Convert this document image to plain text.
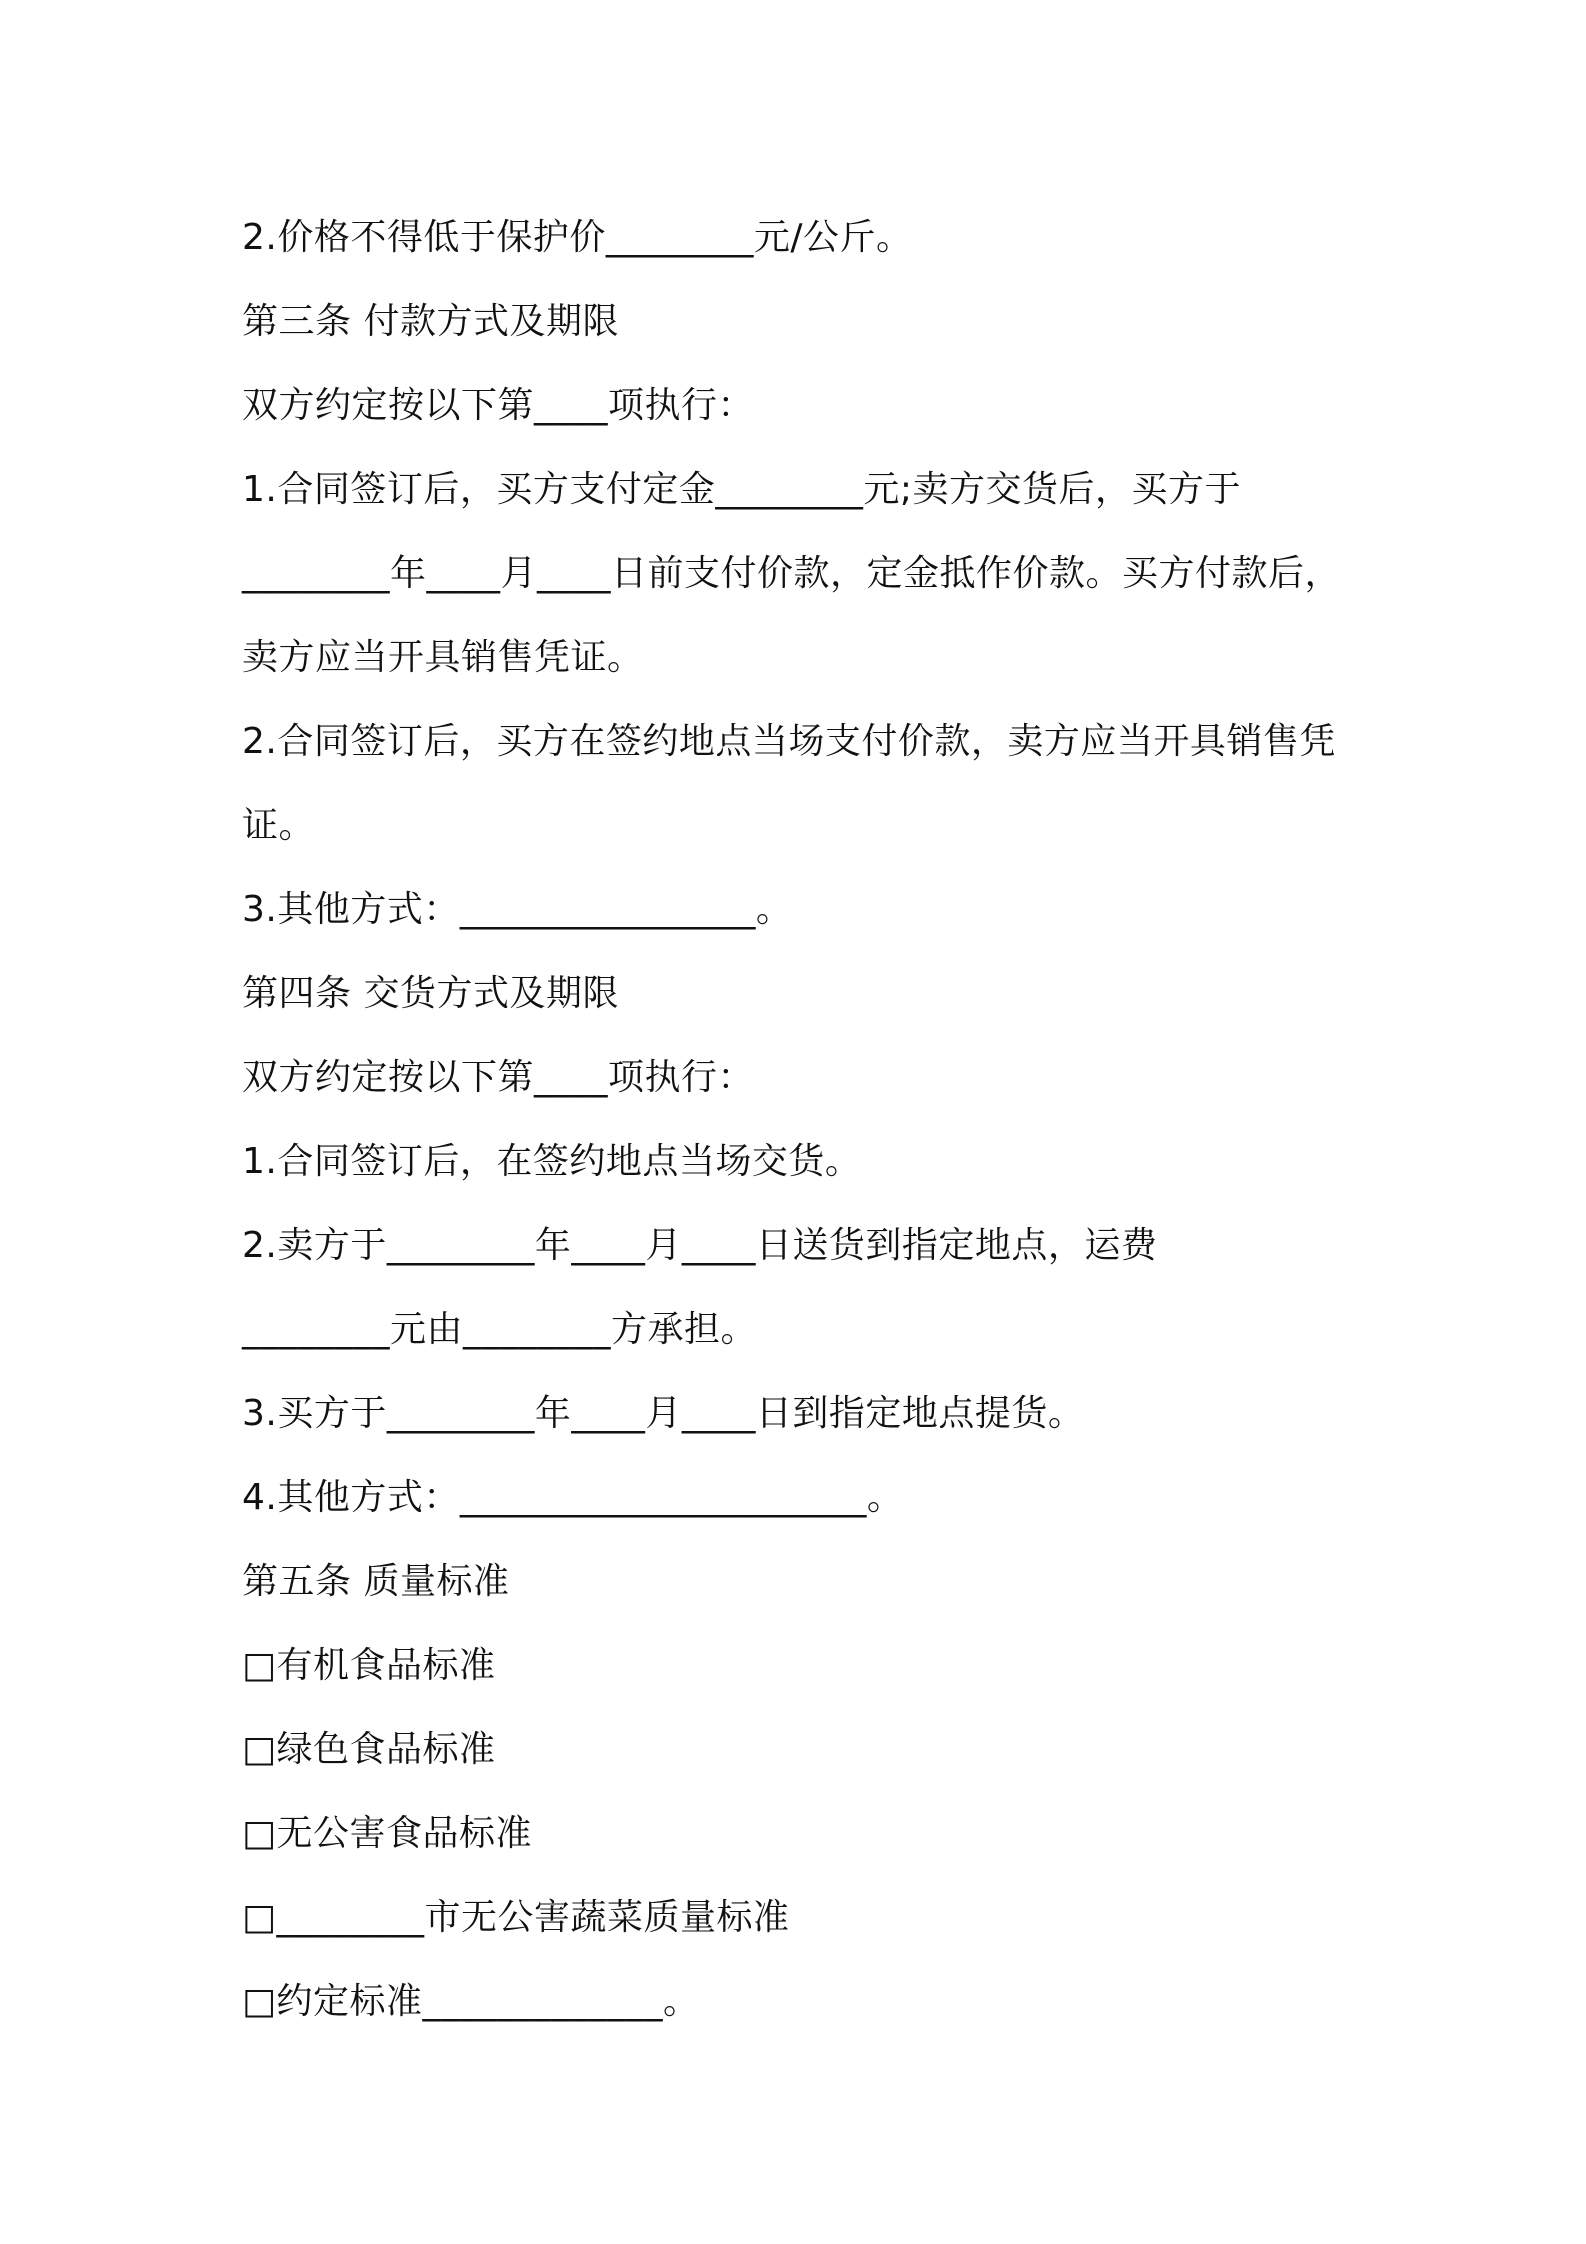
2.价格不得低于保护价________元/公斤。
第三条 付款方式及期限
双方约定按以下第____项执行：
1.合同签订后，买方支付定金________元;卖方交货后，买方于
________年____月____日前支付价款，定金抵作价款。买方付款后，
卖方应当开具销售凭证。
2.合同签订后，买方在签约地点当场支付价款，卖方应当开具销售凭
证。
3.其他方式：________________。
第四条 交货方式及期限
双方约定按以下第____项执行：
1.合同签订后，在签约地点当场交货。
2.卖方于________年____月____日送货到指定地点，运费
________元由________方承担。
3.买方于________年____月____日到指定地点提货。
4.其他方式：______________________。
第五条 质量标准
□有机食品标准
□绿色食品标准
□无公害食品标准
□________市无公害蔬菜质量标准
□约定标准_____________。
